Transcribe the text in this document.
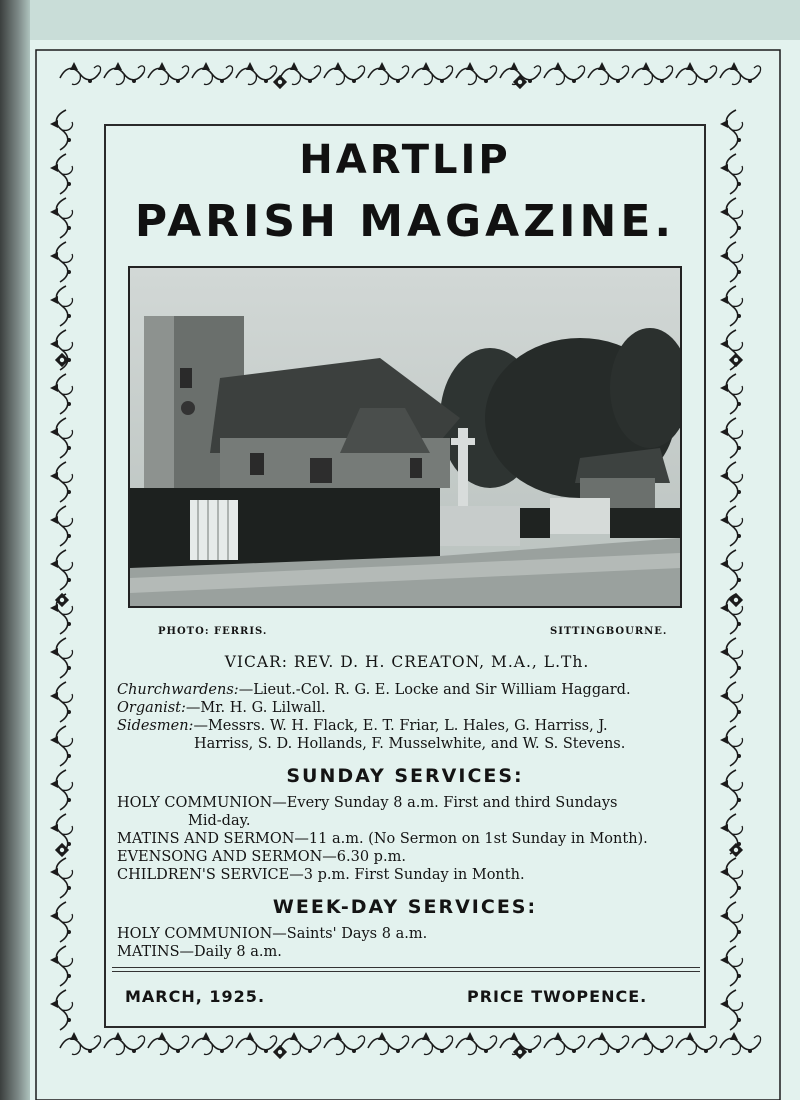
HARTLIP
PARISH MAGAZINE.
PHOTO: FERRIS.	SITTINGBOURNE.
VICAR: REV. D. H. CREATON, M.A., L.Th.
Churchwardens:—Lieut.-Col. R. G. E. Locke and Sir William Haggard.
Organist:—Mr. H. G. Lilwall.
Sidesmen:—Messrs. W. H. Flack, E. T. Friar, L. Hales, G. Harriss, J.
Harriss, S. D. Hollands, F. Musselwhite, and W. S. Stevens.
SUNDAY SERVICES:
HOLY COMMUNION—Every Sunday 8 a.m. First and third Sundays
Mid-day.
MATINS AND SERMON—11 a.m. (No Sermon on 1st Sunday in Month).
EVENSONG AND SERMON—6.30 p.m.
CHILDREN'S SERVICE—3 p.m. First Sunday in Month.
WEEK-DAY SERVICES:
HOLY COMMUNION—Saints' Days 8 a.m.
MATINS—Daily 8 a.m.
MARCH, 1925.	PRICE TWOPENCE.
